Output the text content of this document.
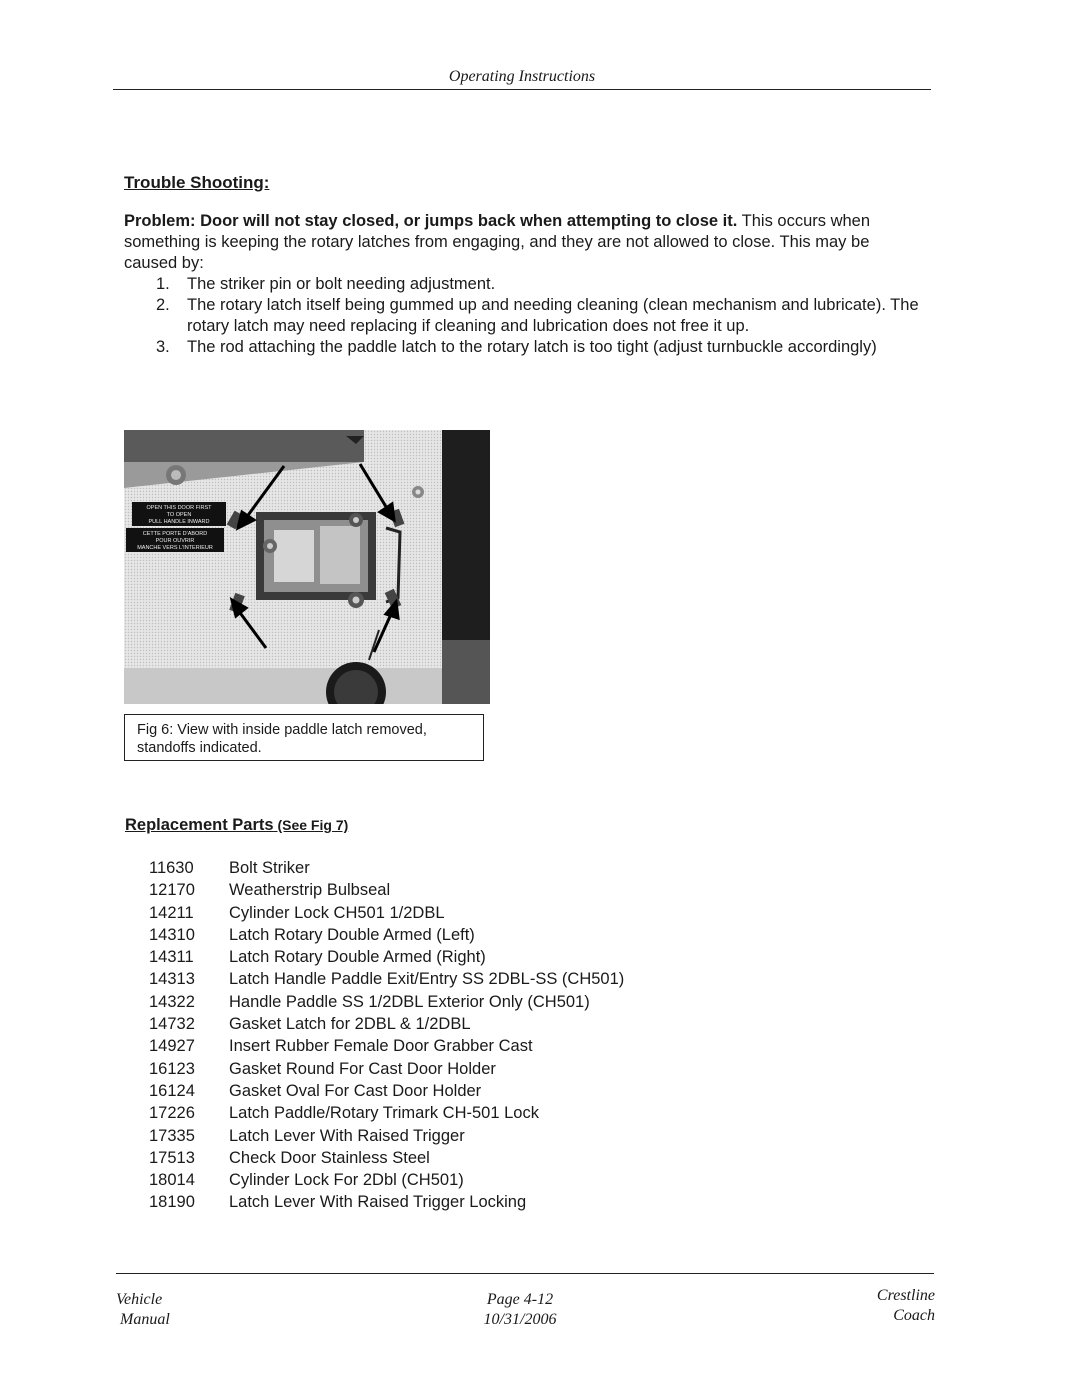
Operating Instructions
Trouble Shooting:
Problem: Door will not stay closed, or jumps back when attempting to close it. This occurs when something is keeping the rotary latches from engaging, and they are not allowed to close. This may be caused by:
1. The striker pin or bolt needing adjustment.
2. The rotary latch itself being gummed up and needing cleaning (clean mechanism and lubricate). The rotary latch may need replacing if cleaning and lubrication does not free it up.
3. The rod attaching the paddle latch to the rotary latch is too tight (adjust turnbuckle accordingly)
OPEN THIS DOOR FIRST
TO OPEN
PULL HANDLE INWARD
CETTE PORTE D'ABORD
POUR OUVRIR
MANCHE VERS L'INTERIEUR
Fig 6: View with inside paddle latch removed, standoffs indicated.
Replacement Parts (See Fig 7)
11630 Bolt Striker
12170 Weatherstrip Bulbseal
14211 Cylinder Lock CH501 1/2DBL
14310 Latch Rotary Double Armed (Left)
14311 Latch Rotary Double Armed (Right)
14313 Latch Handle Paddle Exit/Entry SS 2DBL-SS (CH501)
14322 Handle Paddle SS 1/2DBL Exterior Only (CH501)
14732 Gasket Latch for 2DBL & 1/2DBL
14927 Insert Rubber Female Door Grabber Cast
16123 Gasket Round For Cast Door Holder
16124 Gasket Oval For Cast Door Holder
17226 Latch Paddle/Rotary Trimark CH-501 Lock
17335 Latch Lever With Raised Trigger
17513 Check Door Stainless Steel
18014 Cylinder Lock For 2Dbl (CH501)
18190 Latch Lever With Raised Trigger Locking
Vehicle
Manual
Page 4-12
10/31/2006
Crestline
Coach
